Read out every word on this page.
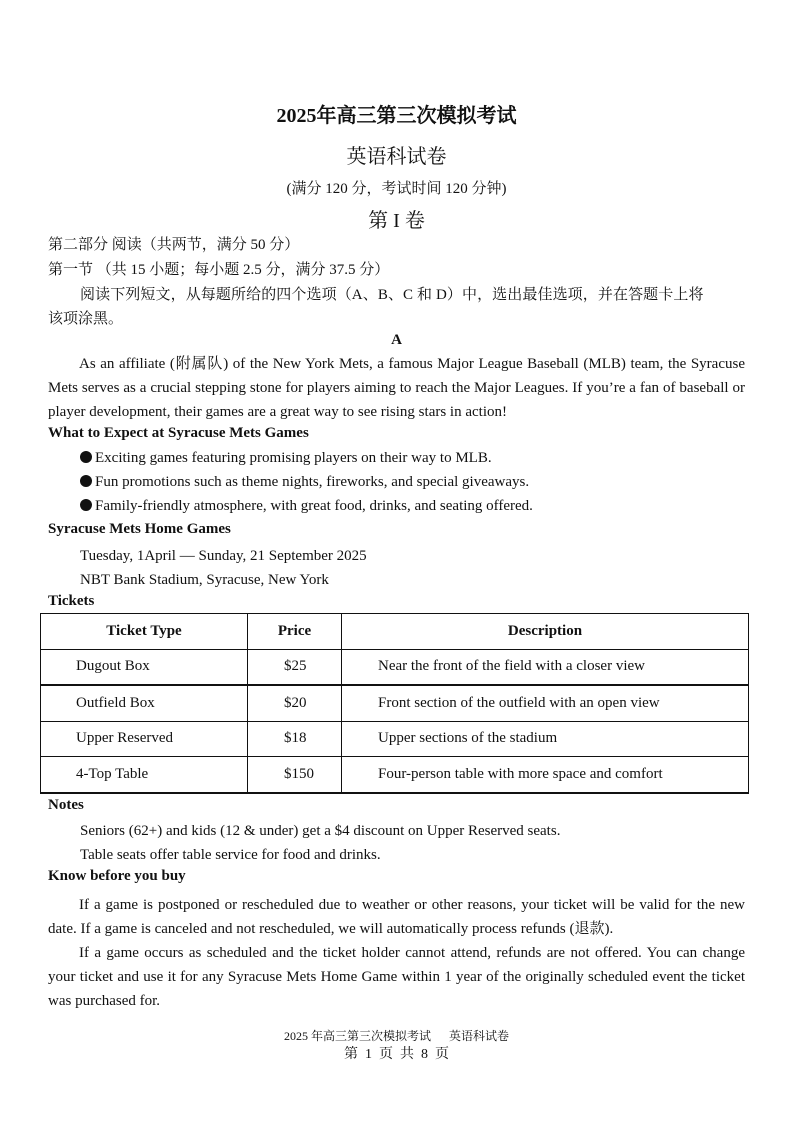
2025年高三第三次模拟考试
英语科试卷
(满分 120 分，考试时间 120 分钟)
第 I 卷
第二部分 阅读（共两节，满分 50 分）
第一节 （共 15 小题；每小题 2.5 分，满分 37.5 分）
阅读下列短文，从每题所给的四个选项（A、B、C 和 D）中，选出最佳选项，并在答题卡上将
该项涂黑。
A
As an affiliate (附属队) of the New York Mets, a famous Major League Baseball (MLB) team, the Syracuse Mets serves as a crucial stepping stone for players aiming to reach the Major Leagues. If you’re a fan of baseball or player development, their games are a great way to see rising stars in action!
What to Expect at Syracuse Mets Games
Exciting games featuring promising players on their way to MLB.
Fun promotions such as theme nights, fireworks, and special giveaways.
Family-friendly atmosphere, with great food, drinks, and seating offered.
Syracuse Mets Home Games
Tuesday, 1April — Sunday, 21 September 2025
NBT Bank Stadium, Syracuse, New York
Tickets
Ticket Type	Price	Description
Dugout Box	$25	Near the front of the field with a closer view
Outfield Box	$20	Front section of the outfield with an open view
Upper Reserved	$18	Upper sections of the stadium
4-Top Table	$150	Four-person table with more space and comfort
Notes
Seniors (62+) and kids (12 & under) get a $4 discount on Upper Reserved seats.
Table seats offer table service for food and drinks.
Know before you buy
If a game is postponed or rescheduled due to weather or other reasons, your ticket will be valid for the new date. If a game is canceled and not rescheduled, we will automatically process refunds (退款).
If a game occurs as scheduled and the ticket holder cannot attend, refunds are not offered. You can change your ticket and use it for any Syracuse Mets Home Game within 1 year of the originally scheduled event the ticket was purchased for.
2025 年高三第三次模拟考试      英语科试卷
第  1  页  共  8  页
